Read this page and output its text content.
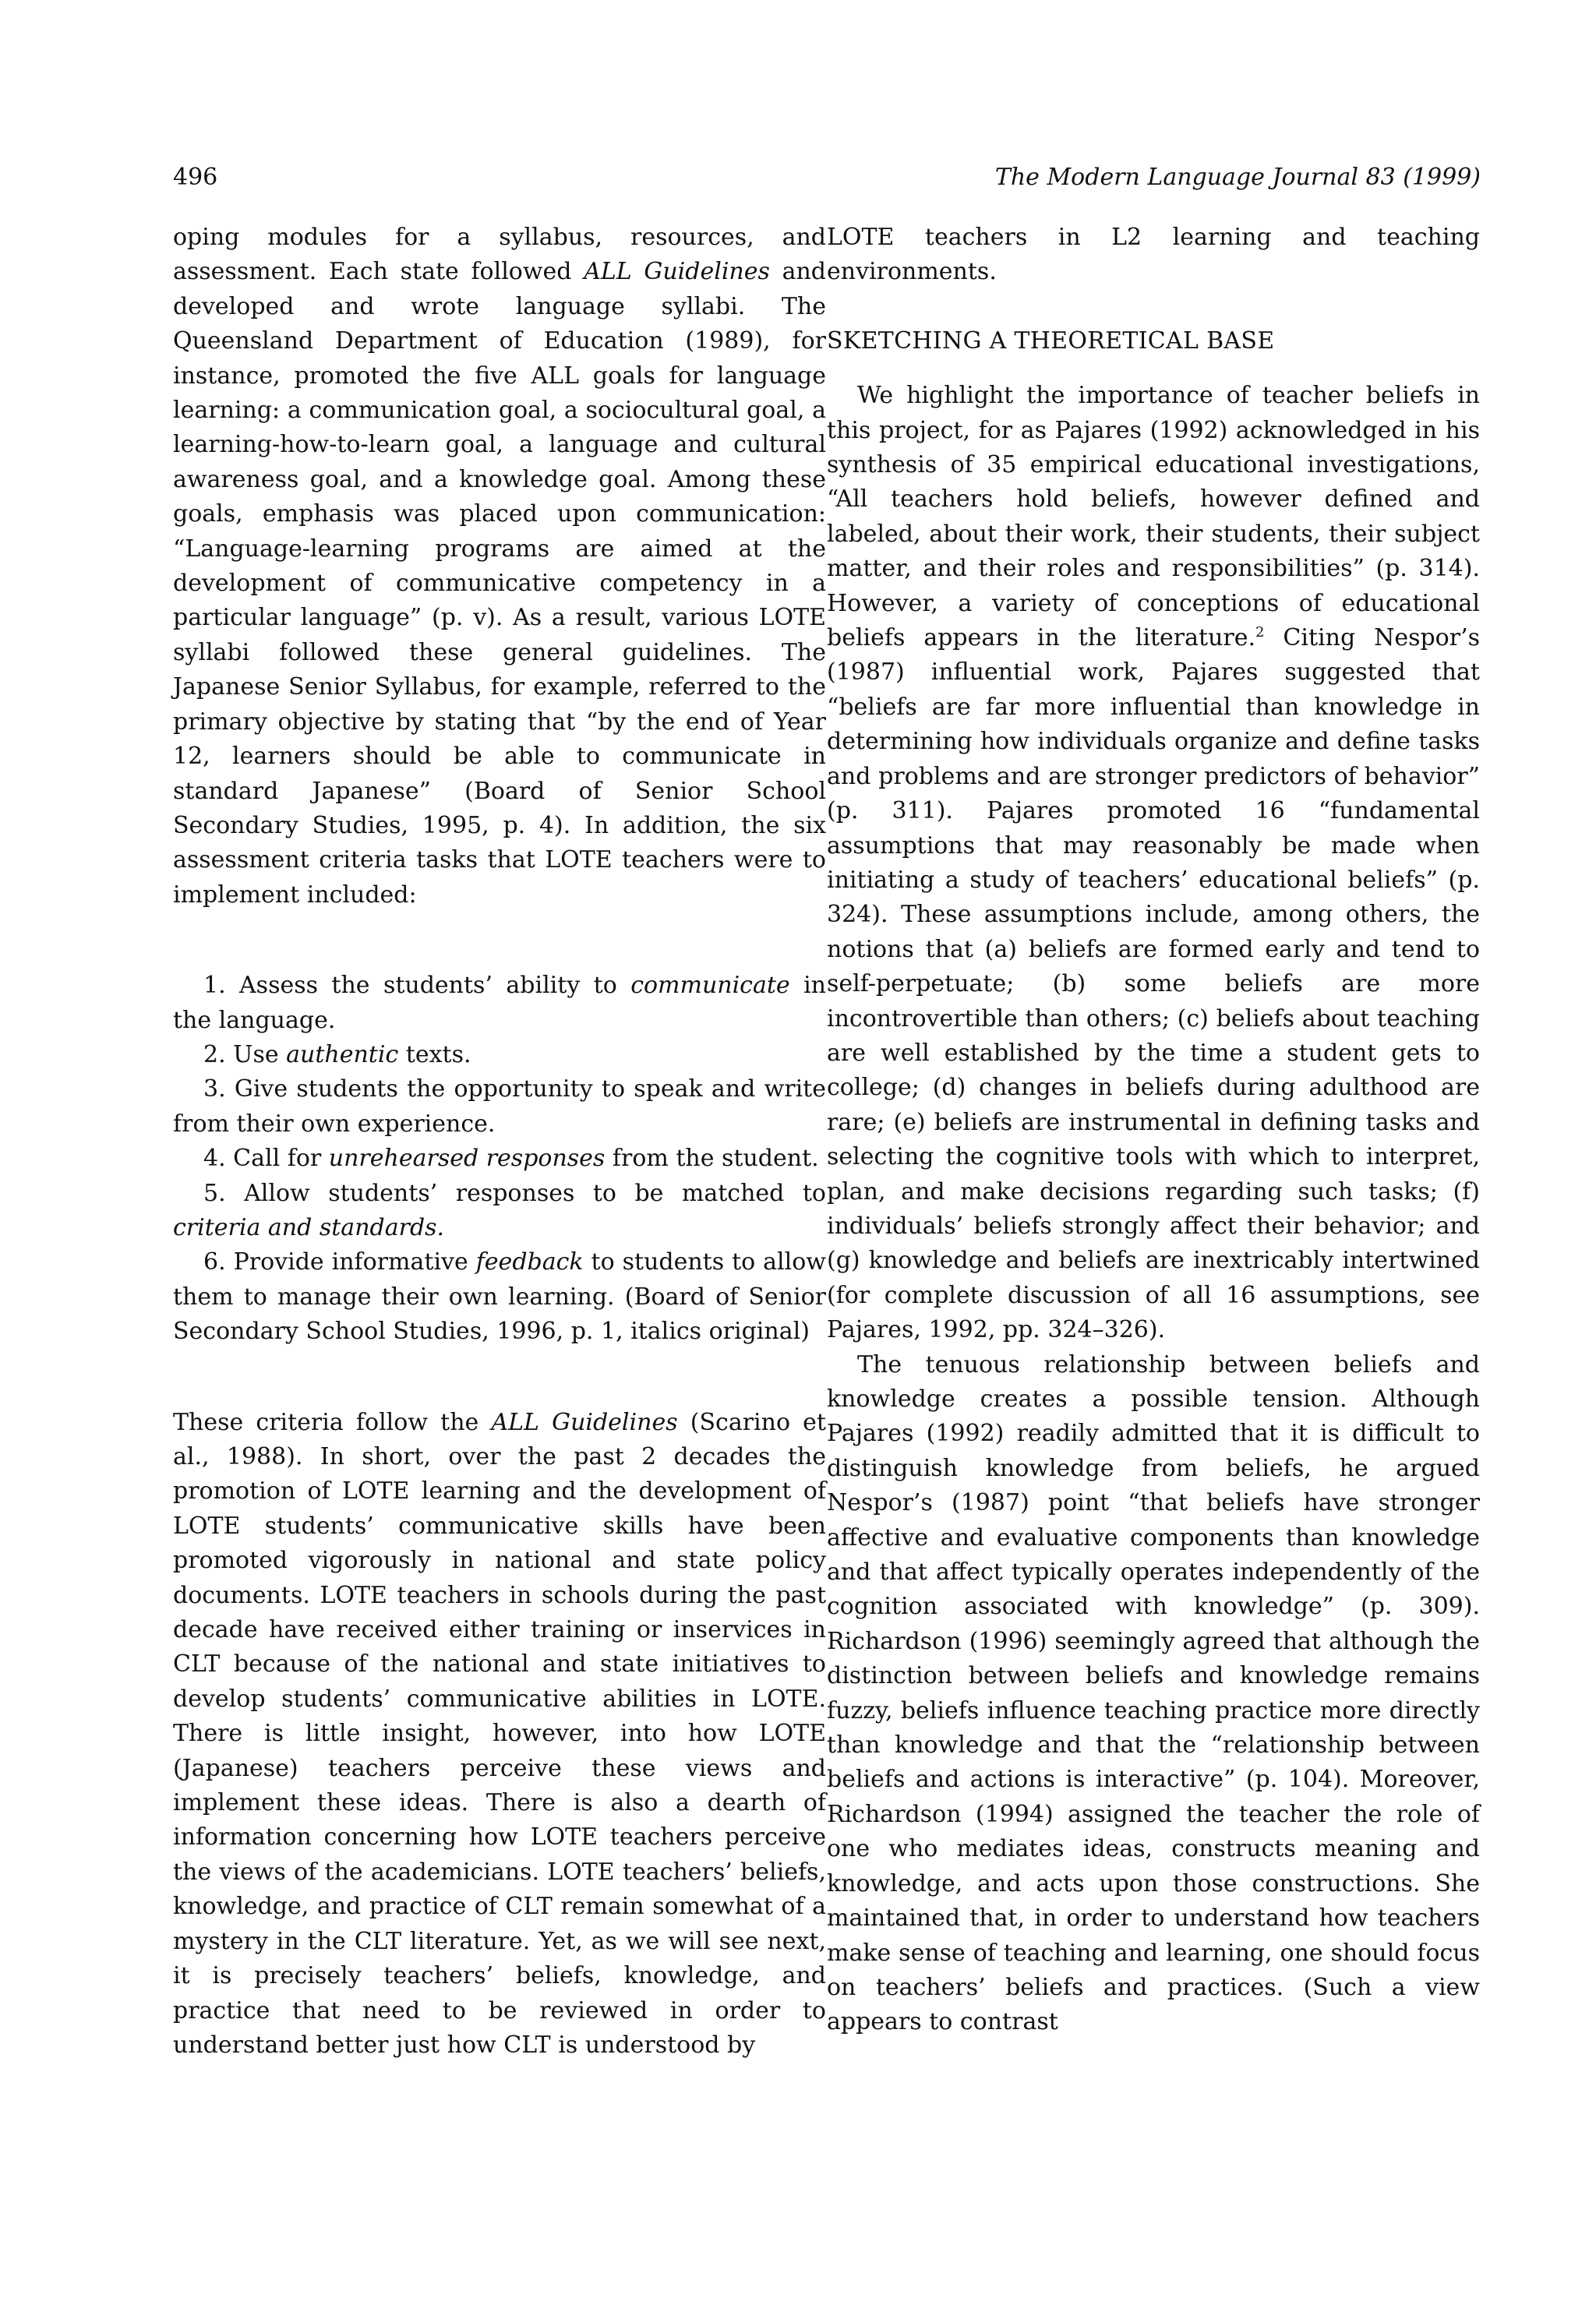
496	The Modern Language Journal 83 (1999)

oping modules for a syllabus, resources, and assessment. Each state followed ALL Guidelines and developed and wrote language syllabi. The Queensland Department of Education (1989), for instance, promoted the five ALL goals for language learning: a communication goal, a sociocultural goal, a learning-how-to-learn goal, a language and cultural awareness goal, and a knowledge goal. Among these goals, emphasis was placed upon communication: “Language-learning programs are aimed at the development of communicative competency in a particular language” (p. v). As a result, various LOTE syllabi followed these general guidelines. The Japanese Senior Syllabus, for example, referred to the primary objective by stating that “by the end of Year 12, learners should be able to communicate in standard Japanese” (Board of Senior School Secondary Studies, 1995, p. 4). In addition, the six assessment criteria tasks that LOTE teachers were to implement included:

1. Assess the students’ ability to communicate in the language.
2. Use authentic texts.
3. Give students the opportunity to speak and write from their own experience.
4. Call for unrehearsed responses from the student.
5. Allow students’ responses to be matched to criteria and standards.
6. Provide informative feedback to students to allow them to manage their own learning. (Board of Senior Secondary School Studies, 1996, p. 1, italics original)

These criteria follow the ALL Guidelines (Scarino et al., 1988). In short, over the past 2 decades the promotion of LOTE learning and the development of LOTE students’ communicative skills have been promoted vigorously in national and state policy documents. LOTE teachers in schools during the past decade have received either training or inservices in CLT because of the national and state initiatives to develop students’ communicative abilities in LOTE. There is little insight, however, into how LOTE (Japanese) teachers perceive these views and implement these ideas. There is also a dearth of information concerning how LOTE teachers perceive the views of the academicians. LOTE teachers’ beliefs, knowledge, and practice of CLT remain somewhat of a mystery in the CLT literature. Yet, as we will see next, it is precisely teachers’ beliefs, knowledge, and practice that need to be reviewed in order to understand better just how CLT is understood by

LOTE teachers in L2 learning and teaching environments.

SKETCHING A THEORETICAL BASE

We highlight the importance of teacher beliefs in this project, for as Pajares (1992) acknowledged in his synthesis of 35 empirical educational investigations, “All teachers hold beliefs, however defined and labeled, about their work, their students, their subject matter, and their roles and responsibilities” (p. 314). However, a variety of conceptions of educational beliefs appears in the literature.$^2$ Citing Nespor’s (1987) influential work, Pajares suggested that “beliefs are far more influential than knowledge in determining how individuals organize and define tasks and problems and are stronger predictors of behavior” (p. 311). Pajares promoted 16 “fundamental assumptions that may reasonably be made when initiating a study of teachers’ educational beliefs” (p. 324). These assumptions include, among others, the notions that (a) beliefs are formed early and tend to self-perpetuate; (b) some beliefs are more incontrovertible than others; (c) beliefs about teaching are well established by the time a student gets to college; (d) changes in beliefs during adulthood are rare; (e) beliefs are instrumental in defining tasks and selecting the cognitive tools with which to interpret, plan, and make decisions regarding such tasks; (f) individuals’ beliefs strongly affect their behavior; and (g) knowledge and beliefs are inextricably intertwined (for complete discussion of all 16 assumptions, see Pajares, 1992, pp. 324–326).

The tenuous relationship between beliefs and knowledge creates a possible tension. Although Pajares (1992) readily admitted that it is difficult to distinguish knowledge from beliefs, he argued Nespor’s (1987) point “that beliefs have stronger affective and evaluative components than knowledge and that affect typically operates independently of the cognition associated with knowledge” (p. 309). Richardson (1996) seemingly agreed that although the distinction between beliefs and knowledge remains fuzzy, beliefs influence teaching practice more directly than knowledge and that the “relationship between beliefs and actions is interactive” (p. 104). Moreover, Richardson (1994) assigned the teacher the role of one who mediates ideas, constructs meaning and knowledge, and acts upon those constructions. She maintained that, in order to understand how teachers make sense of teaching and learning, one should focus on teachers’ beliefs and practices. (Such a view appears to contrast
